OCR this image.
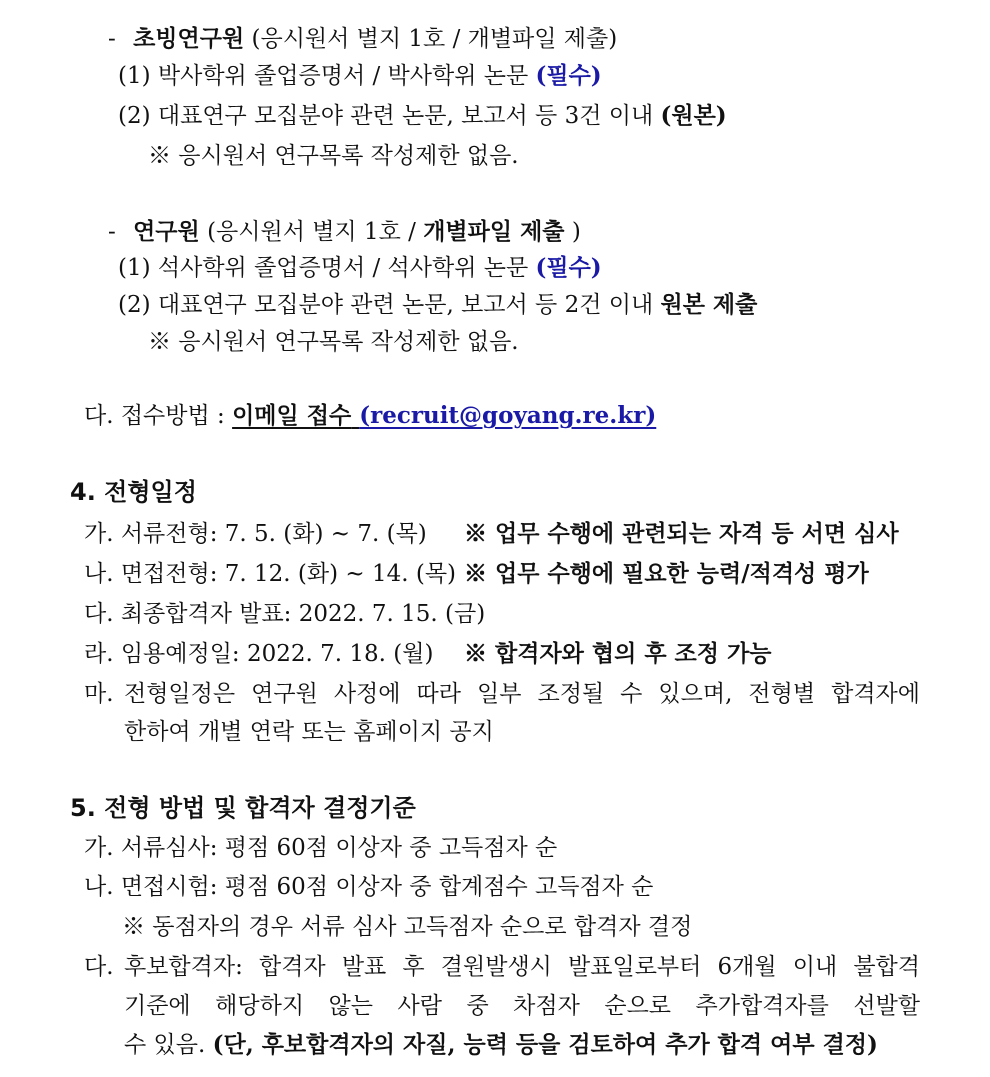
- 초빙연구원 (응시원서 별지 1호 / 개별파일 제출)
(1) 박사학위 졸업증명서 / 박사학위 논문 (필수)
(2) 대표연구 모집분야 관련 논문, 보고서 등 3건 이내 (원본)
※ 응시원서 연구목록 작성제한 없음.
- 연구원 (응시원서 별지 1호 / 개별파일 제출 )
(1) 석사학위 졸업증명서 / 석사학위 논문 (필수)
(2) 대표연구 모집분야 관련 논문, 보고서 등 2건 이내 원본 제출
※ 응시원서 연구목록 작성제한 없음.
다. 접수방법 : 이메일 접수 (recruit@goyang.re.kr)
4. 전형일정
가. 서류전형: 7. 5. (화) ~ 7. (목) ※ 업무 수행에 관련되는 자격 등 서면 심사
나. 면접전형: 7. 12. (화) ~ 14. (목) ※ 업무 수행에 필요한 능력/적격성 평가
다. 최종합격자 발표: 2022. 7. 15. (금)
라. 임용예정일: 2022. 7. 18. (월) ※ 합격자와 협의 후 조정 가능
마. 전형일정은 연구원 사정에 따라 일부 조정될 수 있으며, 전형별 합격자에
한하여 개별 연락 또는 홈페이지 공지
5. 전형 방법 및 합격자 결정기준
가. 서류심사: 평점 60점 이상자 중 고득점자 순
나. 면접시험: 평점 60점 이상자 중 합계점수 고득점자 순
※ 동점자의 경우 서류 심사 고득점자 순으로 합격자 결정
다. 후보합격자: 합격자 발표 후 결원발생시 발표일로부터 6개월 이내 불합격
기준에 해당하지 않는 사람 중 차점자 순으로 추가합격자를 선발할
수 있음. (단, 후보합격자의 자질, 능력 등을 검토하여 추가 합격 여부 결정)
